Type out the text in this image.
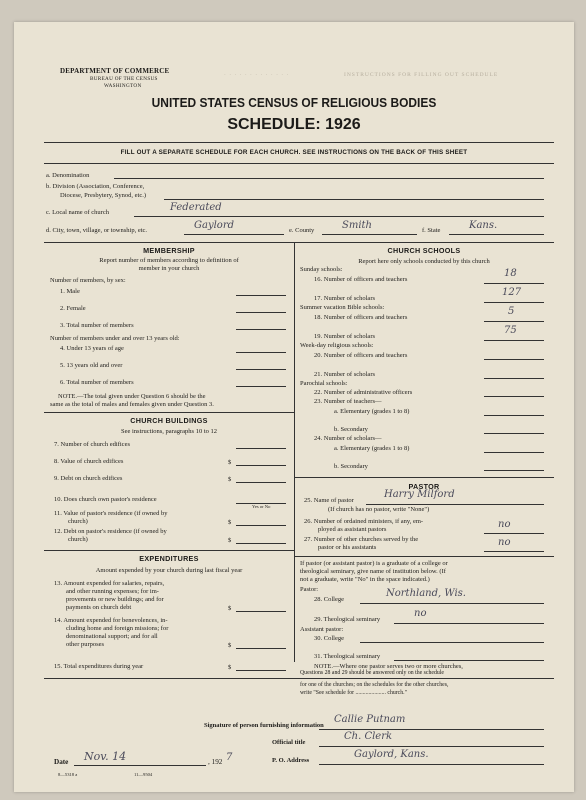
INSTRUCTIONS FOR FILLING OUT SCHEDULE
· · · · · · · · · · · · ·
DEPARTMENT OF COMMERCE
BUREAU OF THE CENSUS
WASHINGTON
UNITED STATES CENSUS OF RELIGIOUS BODIES
SCHEDULE: 1926
FILL OUT A SEPARATE SCHEDULE FOR EACH CHURCH. SEE INSTRUCTIONS ON THE BACK OF THIS SHEET
a. Denomination
b. Division (Association, Conference,
Diocese, Presbytery, Synod, etc.)
c. Local name of church	Federated
d. City, town, village, or township, etc.	Gaylord	e. County	Smith	f. State	Kans.
MEMBERSHIP
Report number of members according to definition of
member in your church
Number of members, by sex:
1. Male
2. Female
3. Total number of members
Number of members under and over 13 years old:
4. Under 13 years of age
5. 13 years old and over
6. Total number of members
NOTE.—The total given under Question 6 should be the
same as the total of males and females given under Question 3.
CHURCH BUILDINGS
See instructions, paragraphs 10 to 12
7. Number of church edifices
8. Value of church edifices	$
9. Debt on church edifices	$
10. Does church own pastor's residence
Yes or No
11. Value of pastor's residence (if owned by
church)	$
12. Debt on pastor's residence (if owned by
church)	$
EXPENDITURES
Amount expended by your church during last fiscal year
13. Amount expended for salaries, repairs,
and other running expenses; for im-
provements or new buildings; and for
payments on church debt	$
14. Amount expended for benevolences, in-
cluding home and foreign missions; for
denominational support; and for all
other purposes	$
15. Total expenditures during year	$
CHURCH SCHOOLS
Report here only schools conducted by this church
Sunday schools:
16. Number of officers and teachers
18
17. Number of scholars
127
Summer vacation Bible schools:
18. Number of officers and teachers
5
19. Number of scholars
75
Week-day religious schools:
20. Number of officers and teachers
21. Number of scholars
Parochial schools:
22. Number of administrative officers
23. Number of teachers—
a. Elementary (grades 1 to 8)
b. Secondary
24. Number of scholars—
a. Elementary (grades 1 to 8)
b. Secondary
PASTOR
25. Name of pastor
Harry Milford
(If church has no pastor, write "None")
26. Number of ordained ministers, if any, em-
ployed as assistant pastors	no
27. Number of other churches served by the
pastor or his assistants	no
If pastor (or assistant pastor) is a graduate of a college or
theological seminary, give name of institution below. (If
not a graduate, write "No" in the space indicated.)
Pastor:
28. College
Northland, Wis.
29. Theological seminary
no
Assistant pastor:
30. College
31. Theological seminary
NOTE.—Where one pastor serves two or more churches,
Questions 28 and 29 should be answered only on the schedule
for one of the churches; on the schedules for the other churches,
write "See schedule for ..................... church."
Signature of person furnishing information
Callie Putnam
Official title
Ch. Clerk
Date Nov. 14	, 192 7	P. O. Address
Gaylord, Kans.
8—5318 a	11—9504
